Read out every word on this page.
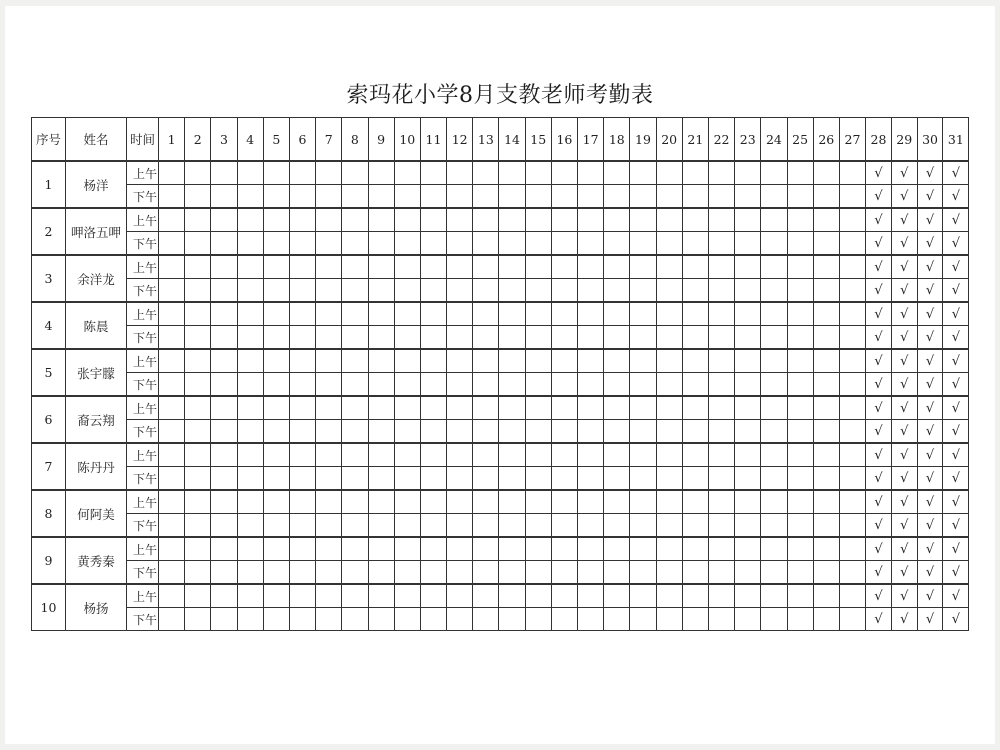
索玛花小学8月支教老师考勤表
序号	姓名	时间	1	2	3	4	5	6	7	8	9	10	11	12	13	14	15	16	17	18	19	20	21	22	23	24	25	26	27	28	29	30	31
1	杨洋	上午																												√	√	√	√
		下午																												√	√	√	√
2	呷洛五呷	上午																												√	√	√	√
		下午																												√	√	√	√
3	余洋龙	上午																												√	√	√	√
		下午																												√	√	√	√
4	陈晨	上午																												√	√	√	√
		下午																												√	√	√	√
5	张宇朦	上午																												√	√	√	√
		下午																												√	√	√	√
6	裔云翔	上午																												√	√	√	√
		下午																												√	√	√	√
7	陈丹丹	上午																												√	√	√	√
		下午																												√	√	√	√
8	何阿美	上午																												√	√	√	√
		下午																												√	√	√	√
9	黄秀秦	上午																												√	√	√	√
		下午																												√	√	√	√
10	杨扬	上午																												√	√	√	√
		下午																												√	√	√	√
